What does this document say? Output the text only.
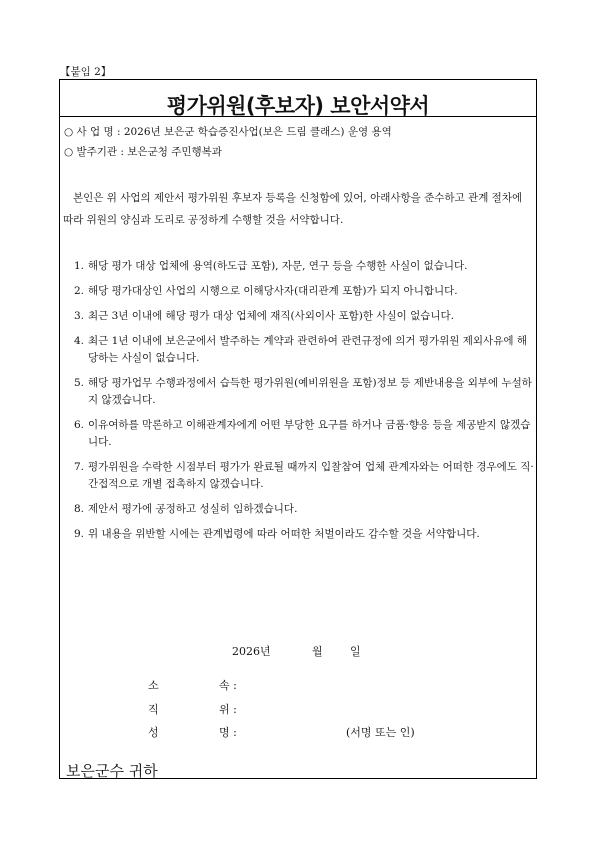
【붙임 2】
평가위원(후보자) 보안서약서
○ 사 업 명 : 2026년 보은군 학습증진사업(보은 드림 클래스) 운영 용역
○ 발주기관 : 보은군청 주민행복과
본인은 위 사업의 제안서 평가위원 후보자 등록을 신청함에 있어, 아래사항을 준수하고 관계 절차에 따라 위원의 양심과 도리로 공정하게 수행할 것을 서약합니다.
1. 해당 평가 대상 업체에 용역(하도급 포함), 자문, 연구 등을 수행한 사실이 없습니다.
2. 해당 평가대상인 사업의 시행으로 이해당사자(대리관계 포함)가 되지 아니합니다.
3. 최근 3년 이내에 해당 평가 대상 업체에 재직(사외이사 포함)한 사실이 없습니다.
4. 최근 1년 이내에 보은군에서 발주하는 계약과 관련하여 관련규정에 의거 평가위원 제외사유에 해당하는 사실이 없습니다.
5. 해당 평가업무 수행과정에서 습득한 평가위원(예비위원을 포함)정보 등 제반내용을 외부에 누설하지 않겠습니다.
6. 이유여하를 막론하고 이해관계자에게 어떤 부당한 요구를 하거나 금품·향응 등을 제공받지 않겠습니다.
7. 평가위원을 수락한 시점부터 평가가 완료될 때까지 입찰참여 업체 관계자와는 어떠한 경우에도 직·간접적으로 개별 접촉하지 않겠습니다.
8. 제안서 평가에 공정하고 성실히 임하겠습니다.
9. 위 내용을 위반할 시에는 관계법령에 따라 어떠한 처벌이라도 감수할 것을 서약합니다.
2026년	월 일
소	속 :
직	위 :
성	명 :	(서명 또는 인)
보은군수 귀하
